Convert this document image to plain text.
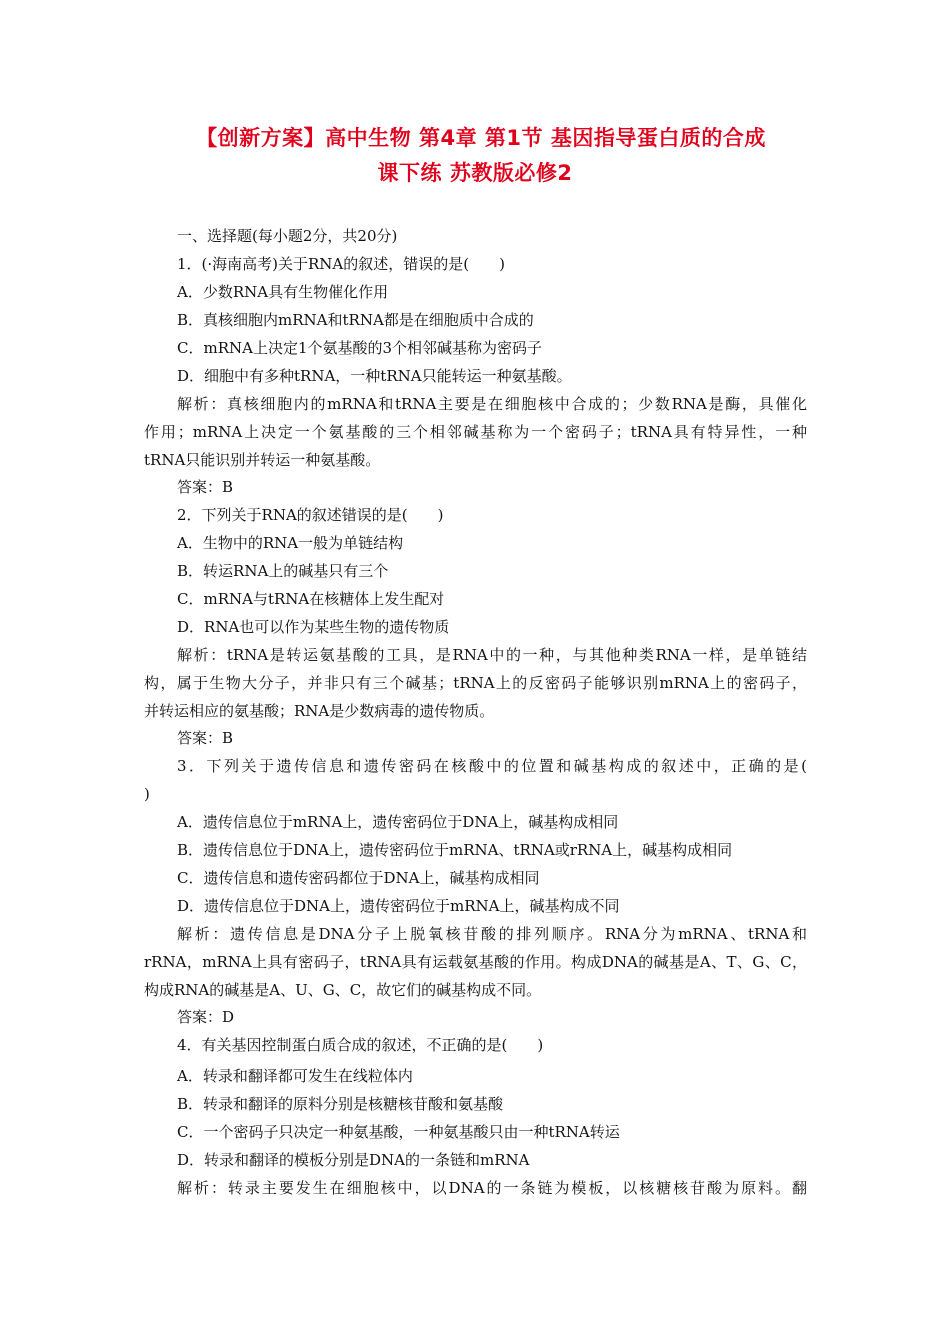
【创新方案】高中生物 第4章 第1节 基因指导蛋白质的合成
课下练 苏教版必修2
一、选择题(每小题2分，共20分)
1．(·海南高考)关于RNA的叙述，错误的是(　　)
A．少数RNA具有生物催化作用
B．真核细胞内mRNA和tRNA都是在细胞质中合成的
C．mRNA上决定1个氨基酸的3个相邻碱基称为密码子
D．细胞中有多种tRNA，一种tRNA只能转运一种氨基酸。
解析：真核细胞内的mRNA和tRNA主要是在细胞核中合成的；少数RNA是酶，具催化
作用；mRNA上决定一个氨基酸的三个相邻碱基称为一个密码子；tRNA具有特异性，一种
tRNA只能识别并转运一种氨基酸。
答案：B
2．下列关于RNA的叙述错误的是(　　)
A．生物中的RNA一般为单链结构
B．转运RNA上的碱基只有三个
C．mRNA与tRNA在核糖体上发生配对
D．RNA也可以作为某些生物的遗传物质
解析：tRNA是转运氨基酸的工具，是RNA中的一种，与其他种类RNA一样，是单链结
构，属于生物大分子，并非只有三个碱基；tRNA上的反密码子能够识别mRNA上的密码子，
并转运相应的氨基酸；RNA是少数病毒的遗传物质。
答案：B
3．下列关于遗传信息和遗传密码在核酸中的位置和碱基构成的叙述中，正确的是(
)
A．遗传信息位于mRNA上，遗传密码位于DNA上，碱基构成相同
B．遗传信息位于DNA上，遗传密码位于mRNA、tRNA或rRNA上，碱基构成相同
C．遗传信息和遗传密码都位于DNA上，碱基构成相同
D．遗传信息位于DNA上，遗传密码位于mRNA上，碱基构成不同
解析：遗传信息是DNA分子上脱氧核苷酸的排列顺序。RNA分为mRNA、tRNA和
rRNA，mRNA上具有密码子，tRNA具有运载氨基酸的作用。构成DNA的碱基是A、T、G、C，
构成RNA的碱基是A、U、G、C，故它们的碱基构成不同。
答案：D
4．有关基因控制蛋白质合成的叙述，不正确的是(　　)
A．转录和翻译都可发生在线粒体内
B．转录和翻译的原料分别是核糖核苷酸和氨基酸
C．一个密码子只决定一种氨基酸，一种氨基酸只由一种tRNA转运
D．转录和翻译的模板分别是DNA的一条链和mRNA
解析：转录主要发生在细胞核中，以DNA的一条链为模板，以核糖核苷酸为原料。翻
